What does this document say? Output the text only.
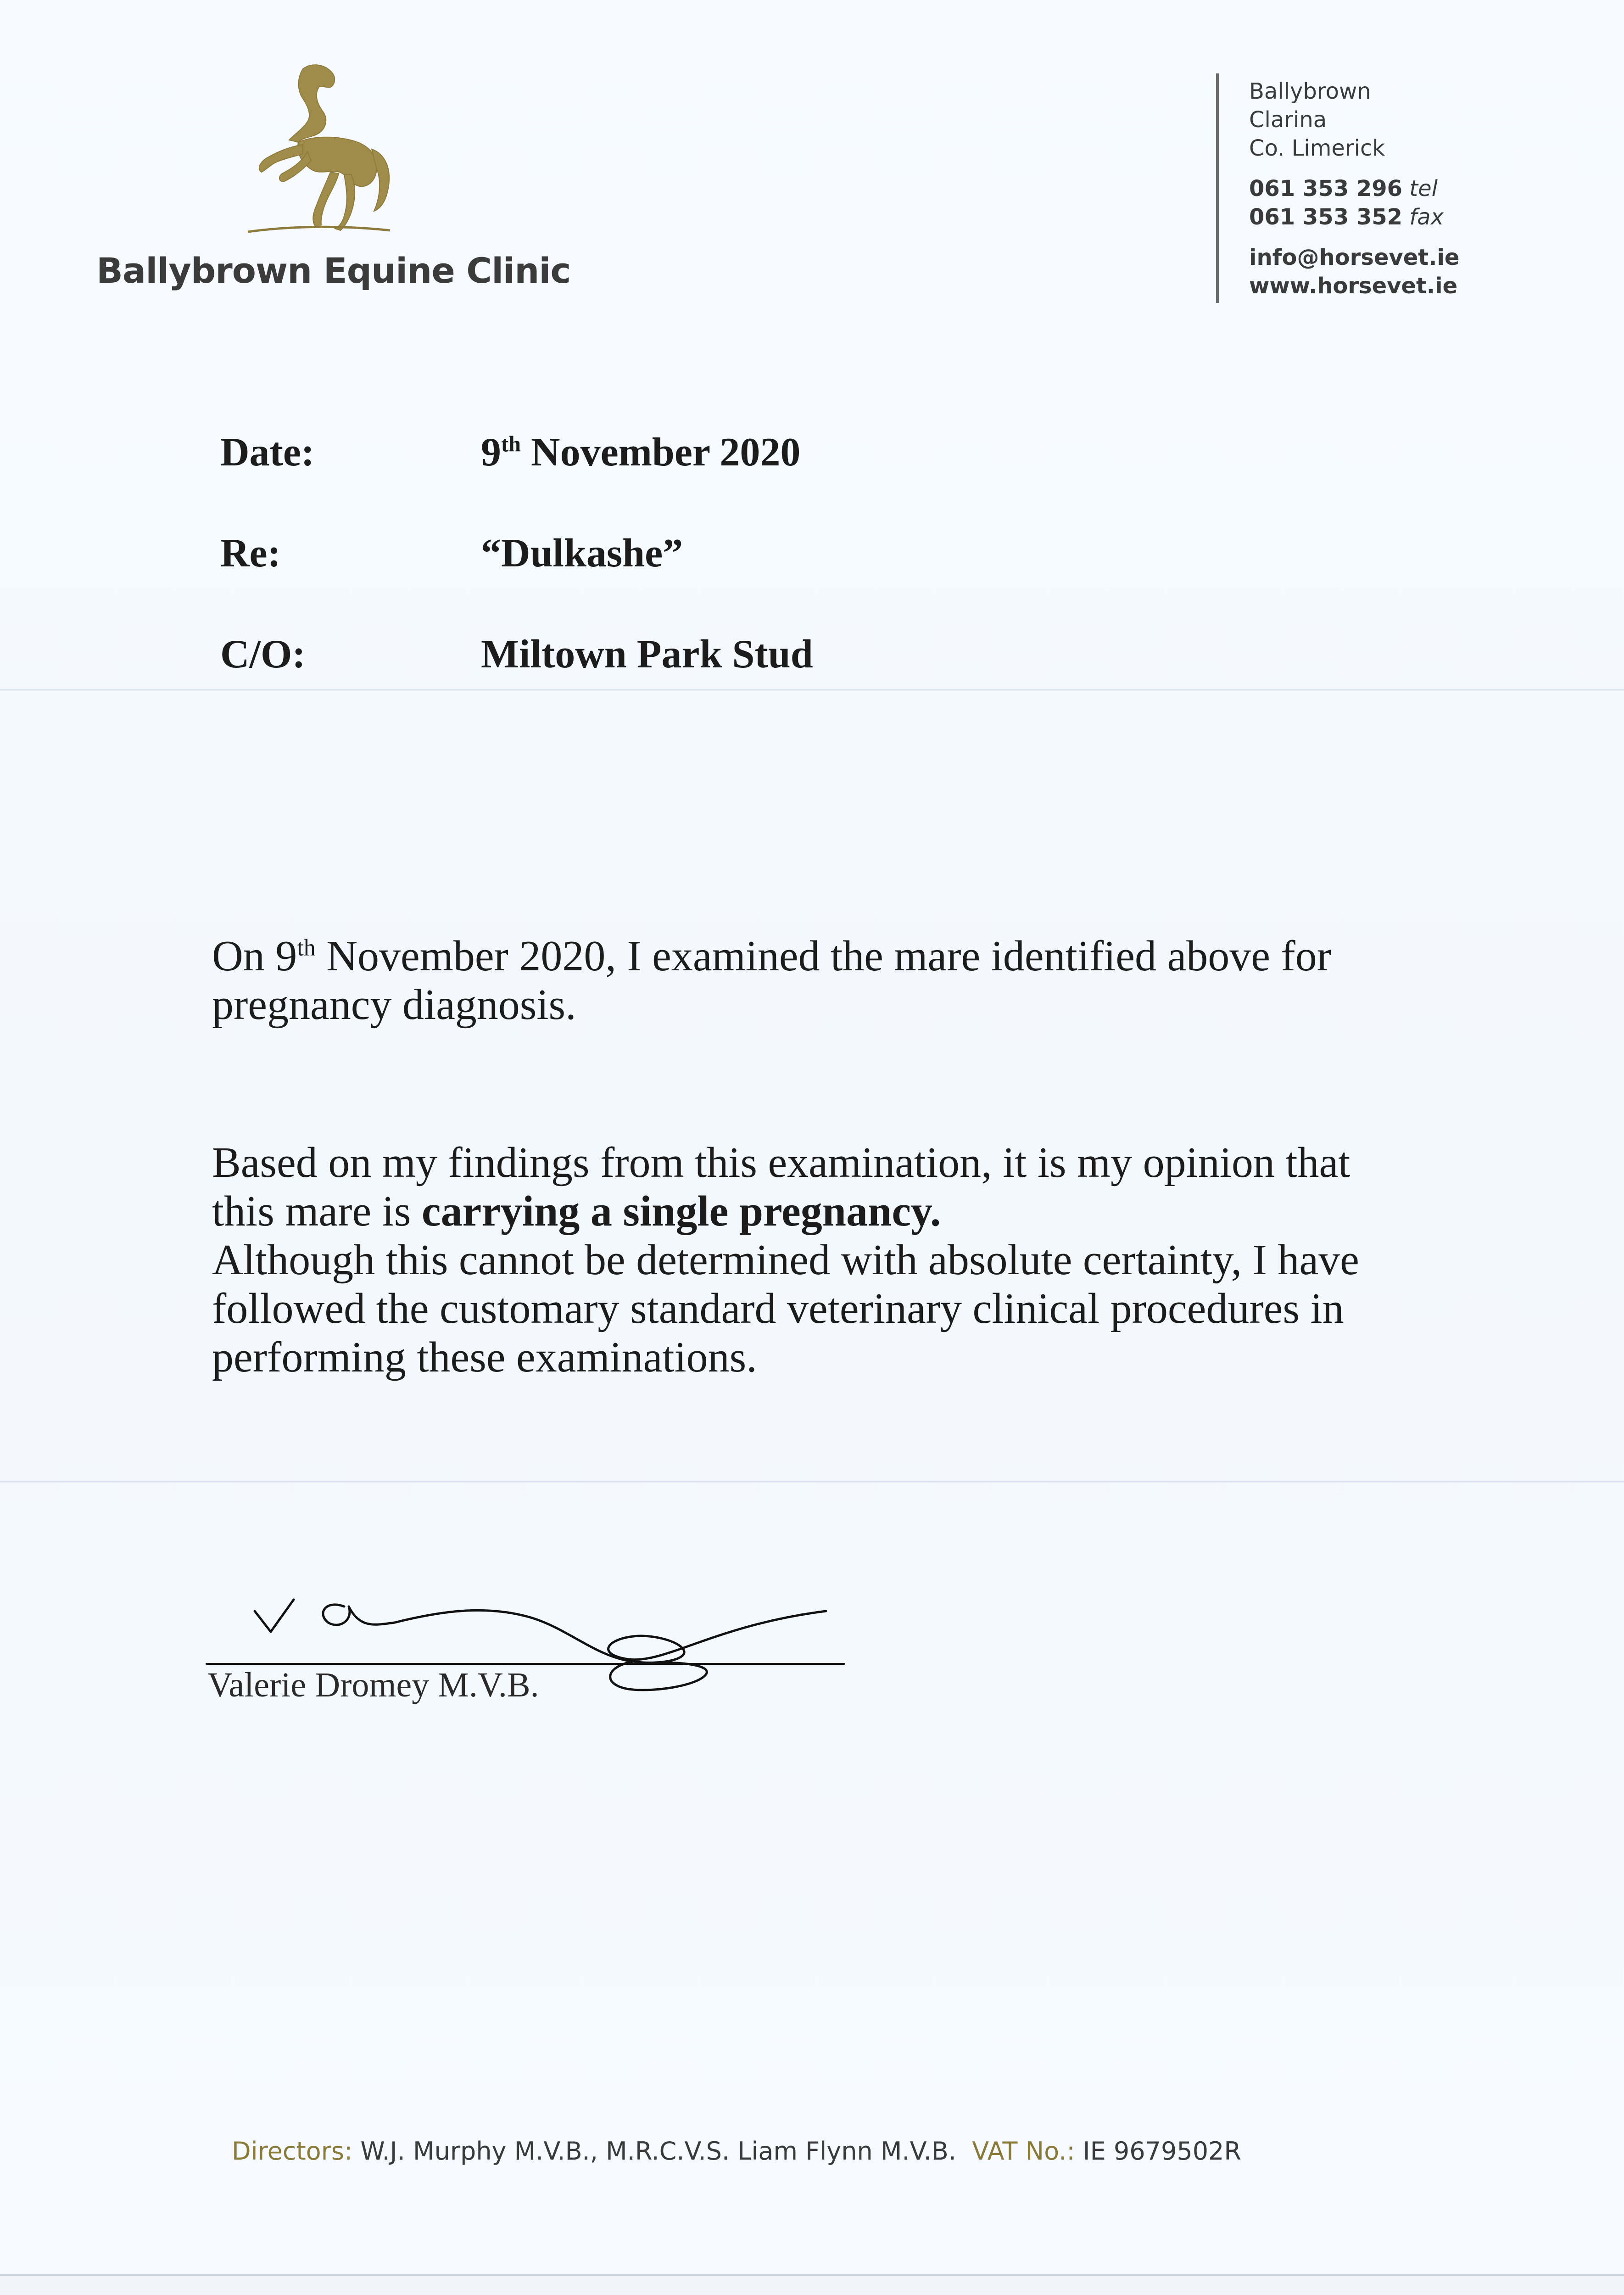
Ballybrown Equine Clinic
Ballybrown
Clarina
Co. Limerick
061 353 296 tel
061 353 352 fax
info@horsevet.ie
www.horsevet.ie
Date:	9th November 2020
Re:	“Dulkashe”
C/O:	Miltown Park Stud
On 9th November 2020, I examined the mare identified above for
pregnancy diagnosis.
Based on my findings from this examination, it is my opinion that
this mare is carrying a single pregnancy.
Although this cannot be determined with absolute certainty, I have
followed the customary standard veterinary clinical procedures in
performing these examinations.
Valerie Dromey M.V.B.
Directors: W.J. Murphy M.V.B., M.R.C.V.S. Liam Flynn M.V.B. VAT No.: IE 9679502R
